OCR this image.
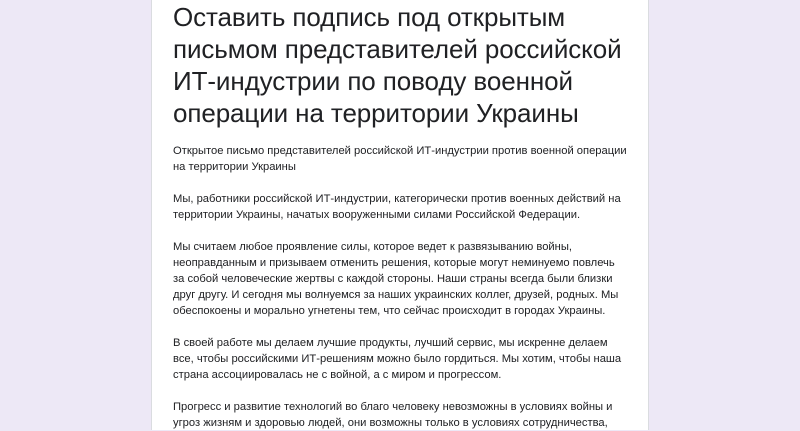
Оставить подпись под открытым письмом представителей российской ИТ-индустрии по поводу военной операции на территории Украины

Открытое письмо представителей российской ИТ-индустрии против военной операции на территории Украины

Мы, работники российской ИТ-индустрии, категорически против военных действий на территории Украины, начатых вооруженными силами Российской Федерации.

Мы считаем любое проявление силы, которое ведет к развязыванию войны, неоправданным и призываем отменить решения, которые могут неминуемо повлечь за собой человеческие жертвы с каждой стороны. Наши страны всегда были близки друг другу. И сегодня мы волнуемся за наших украинских коллег, друзей, родных. Мы обеспокоены и морально угнетены тем, что сейчас происходит в городах Украины.

В своей работе мы делаем лучшие продукты, лучший сервис, мы искренне делаем все, чтобы российскими ИТ-решениям можно было гордиться. Мы хотим, чтобы наша страна ассоциировалась не с войной, а с миром и прогрессом.

Прогресс и развитие технологий во благо человеку невозможны в условиях войны и угроз жизням и здоровью людей, они возможны только в условиях сотрудничества,
